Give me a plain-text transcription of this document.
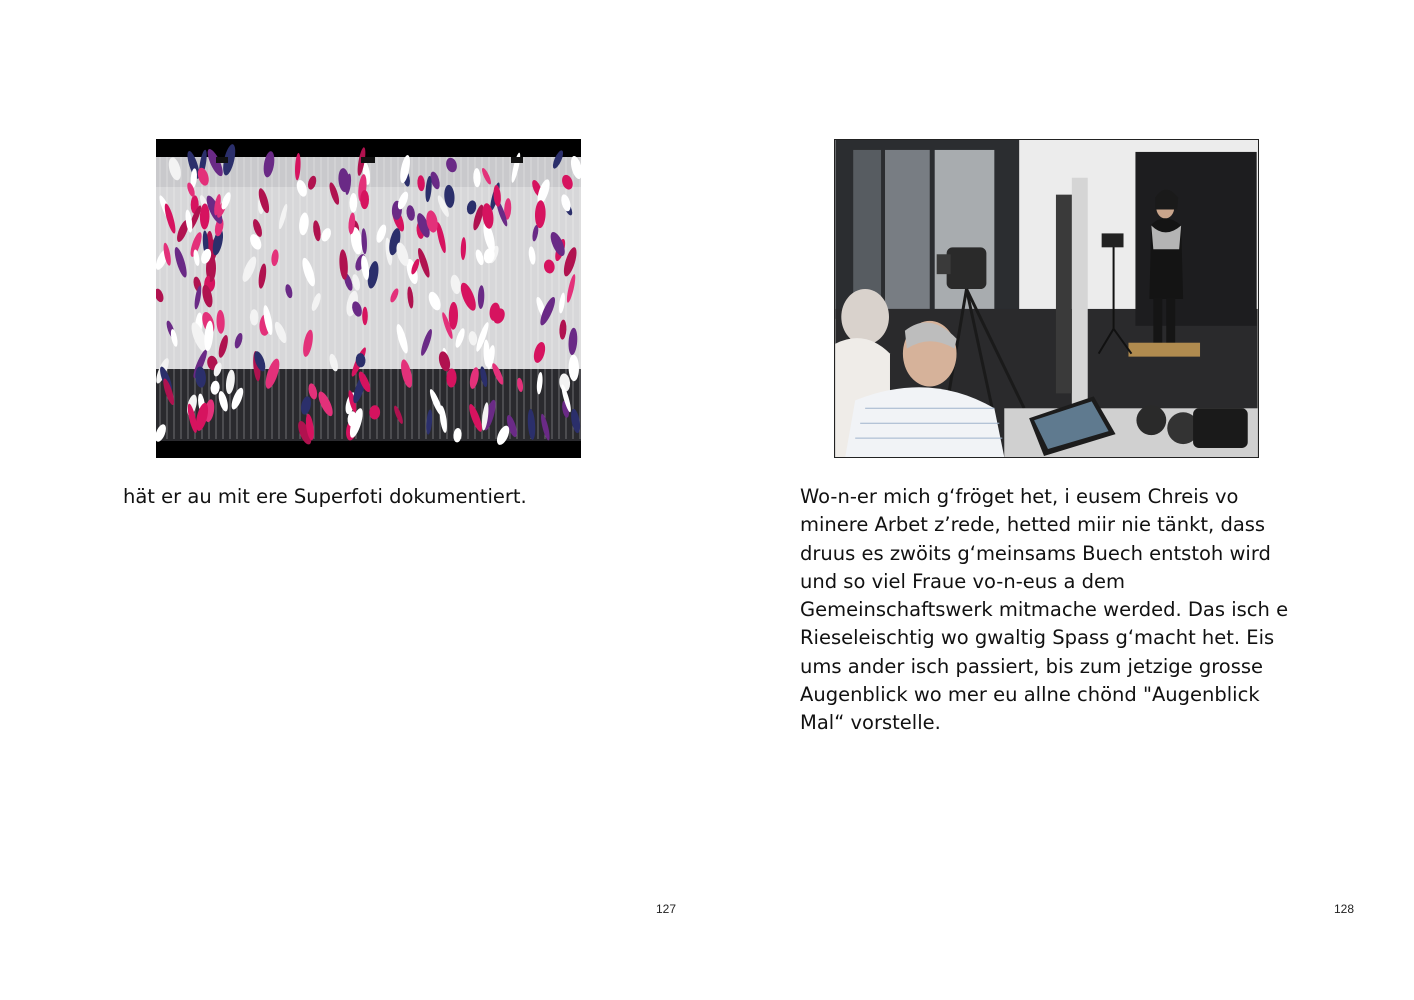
hät er au mit ere Superfoti dokumentiert.

127

Wo-n-er mich g‘fröget het, i eusem Chreis vo
minere Arbet z’rede, hetted miir nie tänkt, dass
druus es zwöits g‘meinsams Buech entstoh wird
und so viel Fraue vo-n-eus a dem
Gemeinschaftswerk mitmache werded. Das isch e
Rieseleischtig wo gwaltig Spass g‘macht het. Eis
ums ander isch passiert, bis zum jetzige grosse
Augenblick wo mer eu allne chönd "Augenblick
Mal“ vorstelle.

128
